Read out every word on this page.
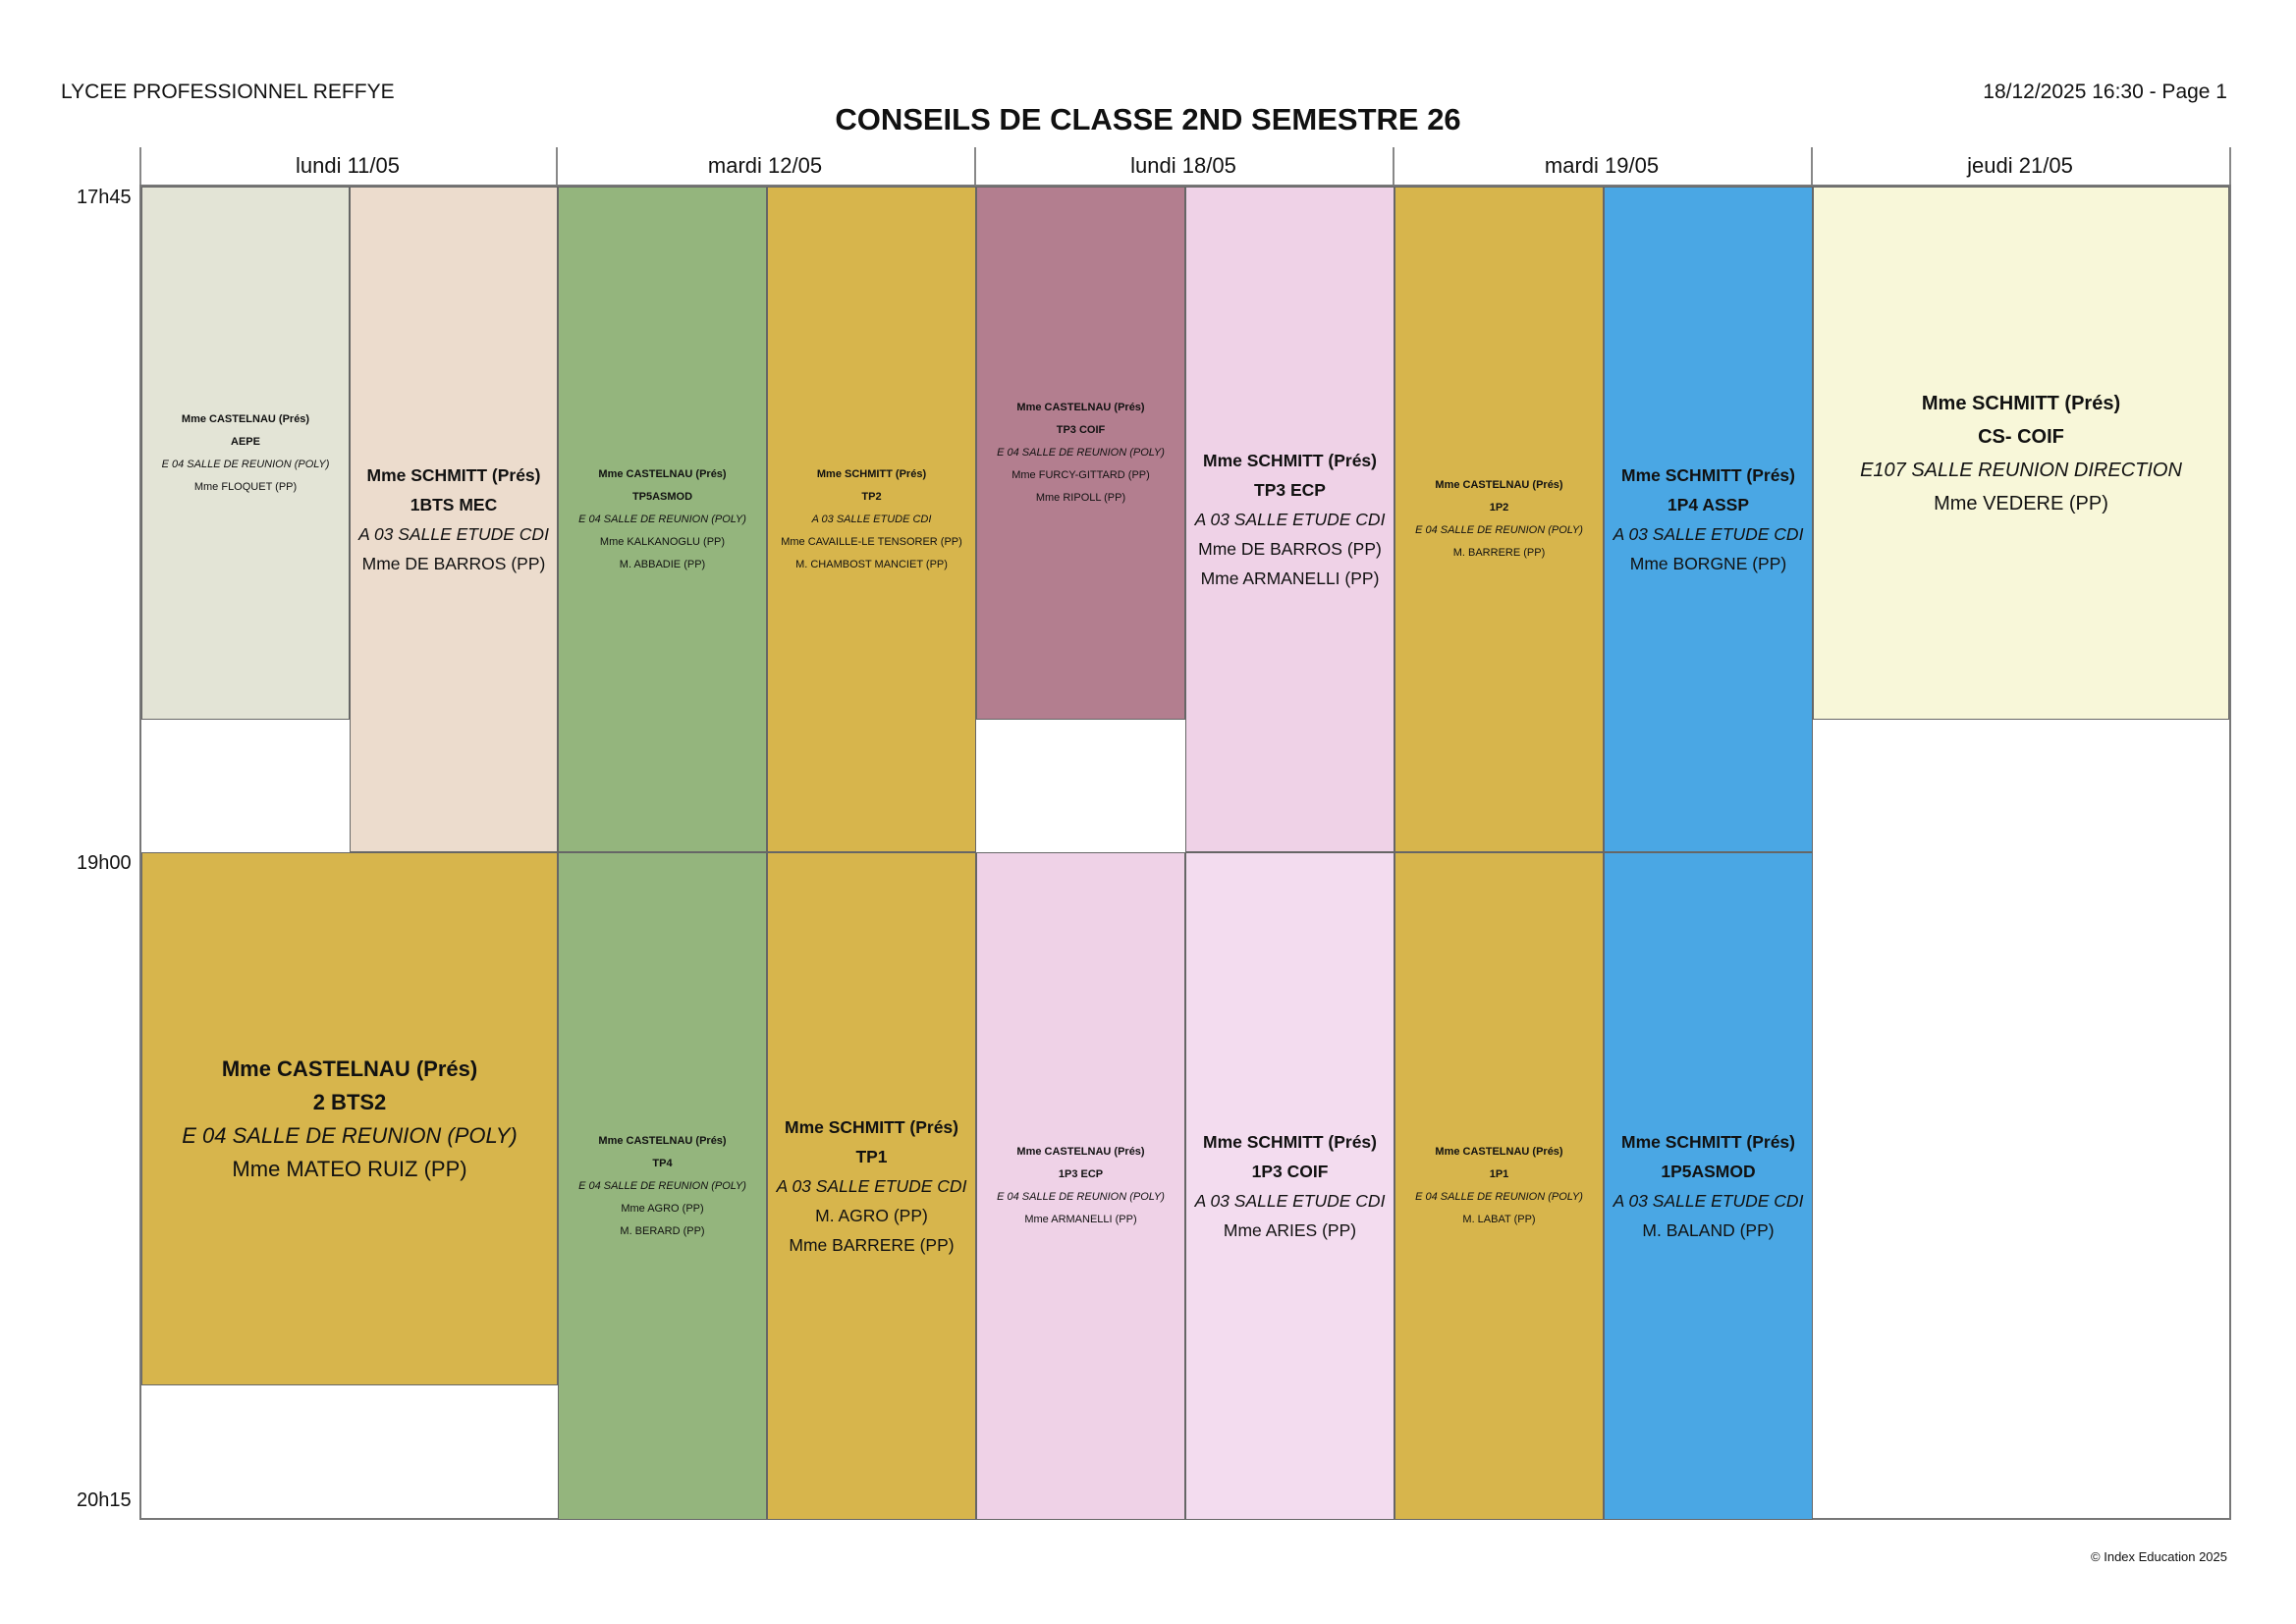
LYCEE PROFESSIONNEL REFFYE	18/12/2025 16:30 - Page 1
CONSEILS DE CLASSE 2ND SEMESTRE 26
lundi 11/05	mardi 12/05	lundi 18/05	mardi 19/05	jeudi 21/05
17h45
19h00
20h15
Mme CASTELNAU (Prés)
AEPE
E 04 SALLE DE REUNION (POLY)
Mme FLOQUET (PP)
Mme SCHMITT (Prés)
1BTS MEC
A 03 SALLE ETUDE CDI
Mme DE BARROS (PP)
Mme CASTELNAU (Prés)
2 BTS2
E 04 SALLE DE REUNION (POLY)
Mme MATEO RUIZ (PP)
Mme CASTELNAU (Prés)
TP5ASMOD
E 04 SALLE DE REUNION (POLY)
Mme KALKANOGLU (PP)
M. ABBADIE (PP)
Mme SCHMITT (Prés)
TP2
A 03 SALLE ETUDE CDI
Mme CAVAILLE-LE TENSORER (PP)
M. CHAMBOST MANCIET (PP)
Mme CASTELNAU (Prés)
TP4
E 04 SALLE DE REUNION (POLY)
Mme AGRO (PP)
M. BERARD (PP)
Mme SCHMITT (Prés)
TP1
A 03 SALLE ETUDE CDI
M. AGRO (PP)
Mme BARRERE (PP)
Mme CASTELNAU (Prés)
TP3 COIF
E 04 SALLE DE REUNION (POLY)
Mme FURCY-GITTARD (PP)
Mme RIPOLL (PP)
Mme SCHMITT (Prés)
TP3 ECP
A 03 SALLE ETUDE CDI
Mme DE BARROS (PP)
Mme ARMANELLI (PP)
Mme CASTELNAU (Prés)
1P3 ECP
E 04 SALLE DE REUNION (POLY)
Mme ARMANELLI (PP)
Mme SCHMITT (Prés)
1P3 COIF
A 03 SALLE ETUDE CDI
Mme ARIES (PP)
Mme CASTELNAU (Prés)
1P2
E 04 SALLE DE REUNION (POLY)
M. BARRERE (PP)
Mme SCHMITT (Prés)
1P4 ASSP
A 03 SALLE ETUDE CDI
Mme BORGNE (PP)
Mme CASTELNAU (Prés)
1P1
E 04 SALLE DE REUNION (POLY)
M. LABAT (PP)
Mme SCHMITT (Prés)
1P5ASMOD
A 03 SALLE ETUDE CDI
M. BALAND (PP)
Mme SCHMITT (Prés)
CS- COIF
E107 SALLE REUNION DIRECTION
Mme VEDERE (PP)
© Index Education 2025
